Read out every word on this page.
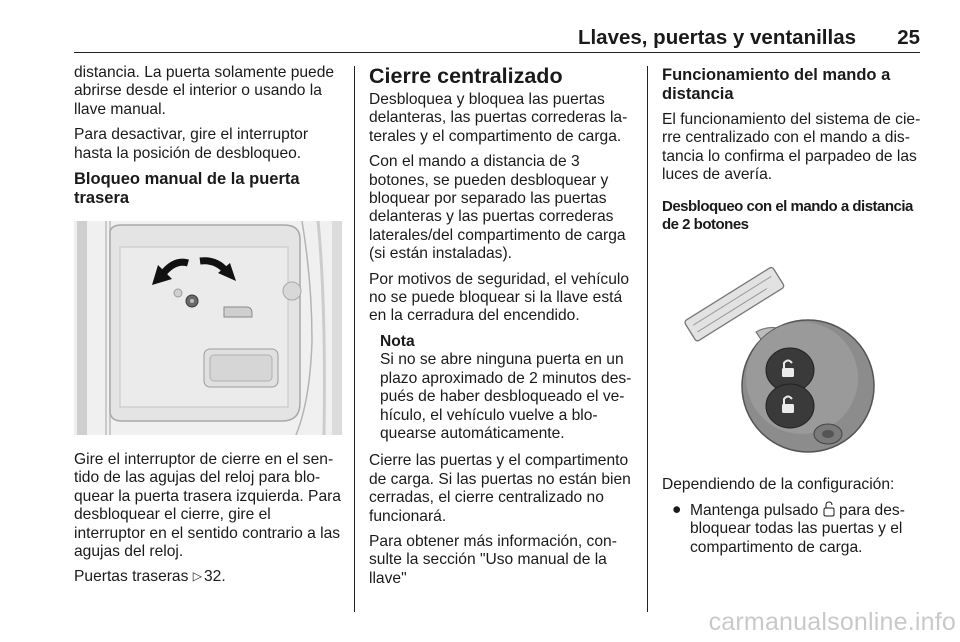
Llaves, puertas y ventanillas 25

distancia. La puerta solamente puede abrirse desde el interior o usando la llave manual.

Para desactivar, gire el interruptor hasta la posición de desbloqueo.

Bloqueo manual de la puerta trasera

Gire el interruptor de cierre en el sen-tido de las agujas del reloj para blo-quear la puerta trasera izquierda. Para desbloquear el cierre, gire el interruptor en el sentido contrario a las agujas del reloj.

Puertas traseras ▷ 32.

Cierre centralizado

Desbloquea y bloquea las puertas delanteras, las puertas correderas la-terales y el compartimento de carga.

Con el mando a distancia de 3 botones, se pueden desbloquear y bloquear por separado las puertas delanteras y las puertas correderas laterales/del compartimento de carga (si están instaladas).

Por motivos de seguridad, el vehículo no se puede bloquear si la llave está en la cerradura del encendido.

Nota
Si no se abre ninguna puerta en un plazo aproximado de 2 minutos des-pués de haber desbloqueado el ve-hículo, el vehículo vuelve a blo-quearse automáticamente.

Cierre las puertas y el compartimento de carga. Si las puertas no están bien cerradas, el cierre centralizado no funcionará.

Para obtener más información, con-sulte la sección "Uso manual de la llave"

Funcionamiento del mando a distancia

El funcionamiento del sistema de cie-rre centralizado con el mando a dis-tancia lo confirma el parpadeo de las luces de avería.

Desbloqueo con el mando a distancia de 2 botones

Dependiendo de la configuración:

● Mantenga pulsado para des-bloquear todas las puertas y el compartimento de carga.
carmanualsonline.info
